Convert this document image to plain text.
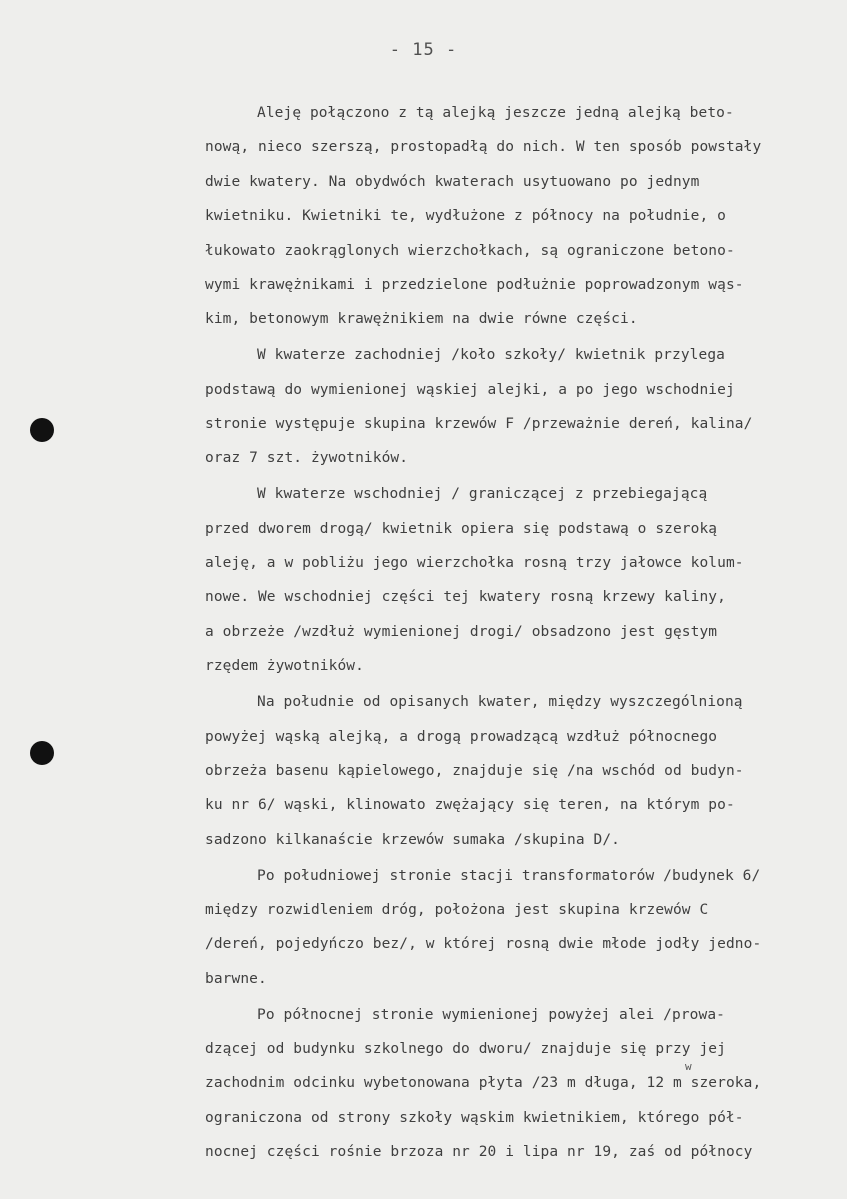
- 15 -
Aleję połączono z tą alejką jeszcze jedną alejką beto-
nową, nieco szerszą, prostopadłą do nich. W ten sposób powstały
dwie kwatery. Na obydwóch kwaterach usytuowano po jednym
kwietniku. Kwietniki te, wydłużone z północy na południe, o
łukowato zaokrąglonych wierzchołkach, są ograniczone betono-
wymi krawężnikami i przedzielone podłużnie poprowadzonym wąs-
kim, betonowym krawężnikiem na dwie równe części.
W kwaterze zachodniej /koło szkoły/ kwietnik przylega
podstawą do wymienionej wąskiej alejki, a po jego wschodniej
stronie występuje skupina krzewów F /przeważnie dereń, kalina/
oraz 7 szt. żywotników.
W kwaterze wschodniej / graniczącej z przebiegającą
przed dworem drogą/ kwietnik opiera się podstawą o szeroką
aleję, a w pobliżu jego wierzchołka rosną trzy jałowce kolum-
nowe. We wschodniej części tej kwatery rosną krzewy kaliny,
a obrzeże /wzdłuż wymienionej drogi/ obsadzono jest gęstym
rzędem żywotników.
Na południe od opisanych kwater, między wyszczególnioną
powyżej wąską alejką, a drogą prowadzącą wzdłuż północnego
obrzeża basenu kąpielowego, znajduje się /na wschód od budyn-
ku nr 6/ wąski, klinowato zwężający się teren, na którym po-
sadzono kilkanaście krzewów sumaka /skupina D/.
Po południowej stronie stacji transformatorów /budynek 6/
między rozwidleniem dróg, położona jest skupina krzewów C
/dereń, pojedyńczo bez/, w której rosną dwie młode jodły jedno-
barwne.
Po północnej stronie wymienionej powyżej alei /prowa-
dzącej od budynku szkolnego do dworu/ znajduje się przy jej
zachodnim odcinku wybetonowana płyta /23 m długa, 12 m szeroka,
ograniczona od strony szkoły wąskim kwietnikiem, którego pół-
nocnej części rośnie brzoza nr 20 i lipa nr 19, zaś od północy
w
